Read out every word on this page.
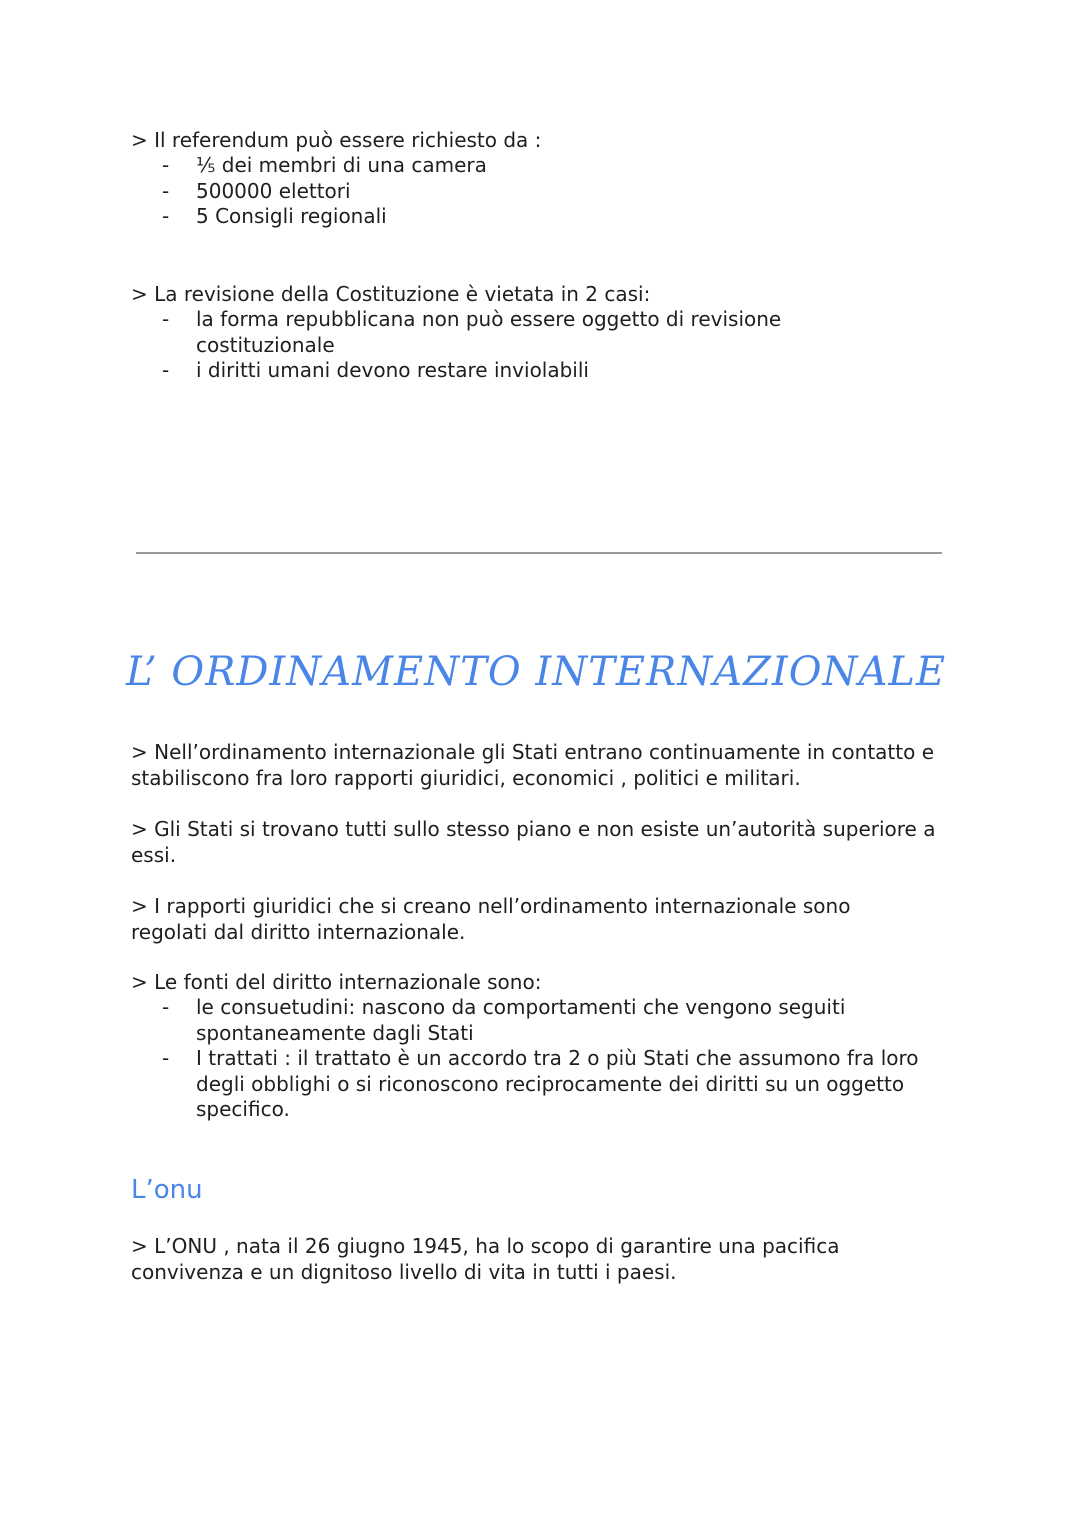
> Il referendum può essere richiesto da :

- ⅕ dei membri di una camera
- 500000 elettori
- 5 Consigli regionali

> La revisione della Costituzione è vietata in 2 casi:

- la forma repubblicana non può essere oggetto di revisione costituzionale
- i diritti umani devono restare inviolabili
L’ ORDINAMENTO INTERNAZIONALE

> Nell’ordinamento internazionale gli Stati entrano continuamente in contatto e stabiliscono fra loro rapporti giuridici, economici , politici e militari.

> Gli Stati si trovano tutti sullo stesso piano e non esiste un’autorità superiore a essi.

> I rapporti giuridici che si creano nell’ordinamento internazionale sono regolati dal diritto internazionale.

> Le fonti del diritto internazionale sono:

- le consuetudini: nascono da comportamenti che vengono seguiti spontaneamente dagli Stati
- I trattati : il trattato è un accordo tra 2 o più Stati che assumono fra loro degli obblighi o si riconoscono reciprocamente dei diritti su un oggetto specifico.
L’onu

> L’ONU , nata il 26 giugno 1945, ha lo scopo di garantire una pacifica convivenza e un dignitoso livello di vita in tutti i paesi.
